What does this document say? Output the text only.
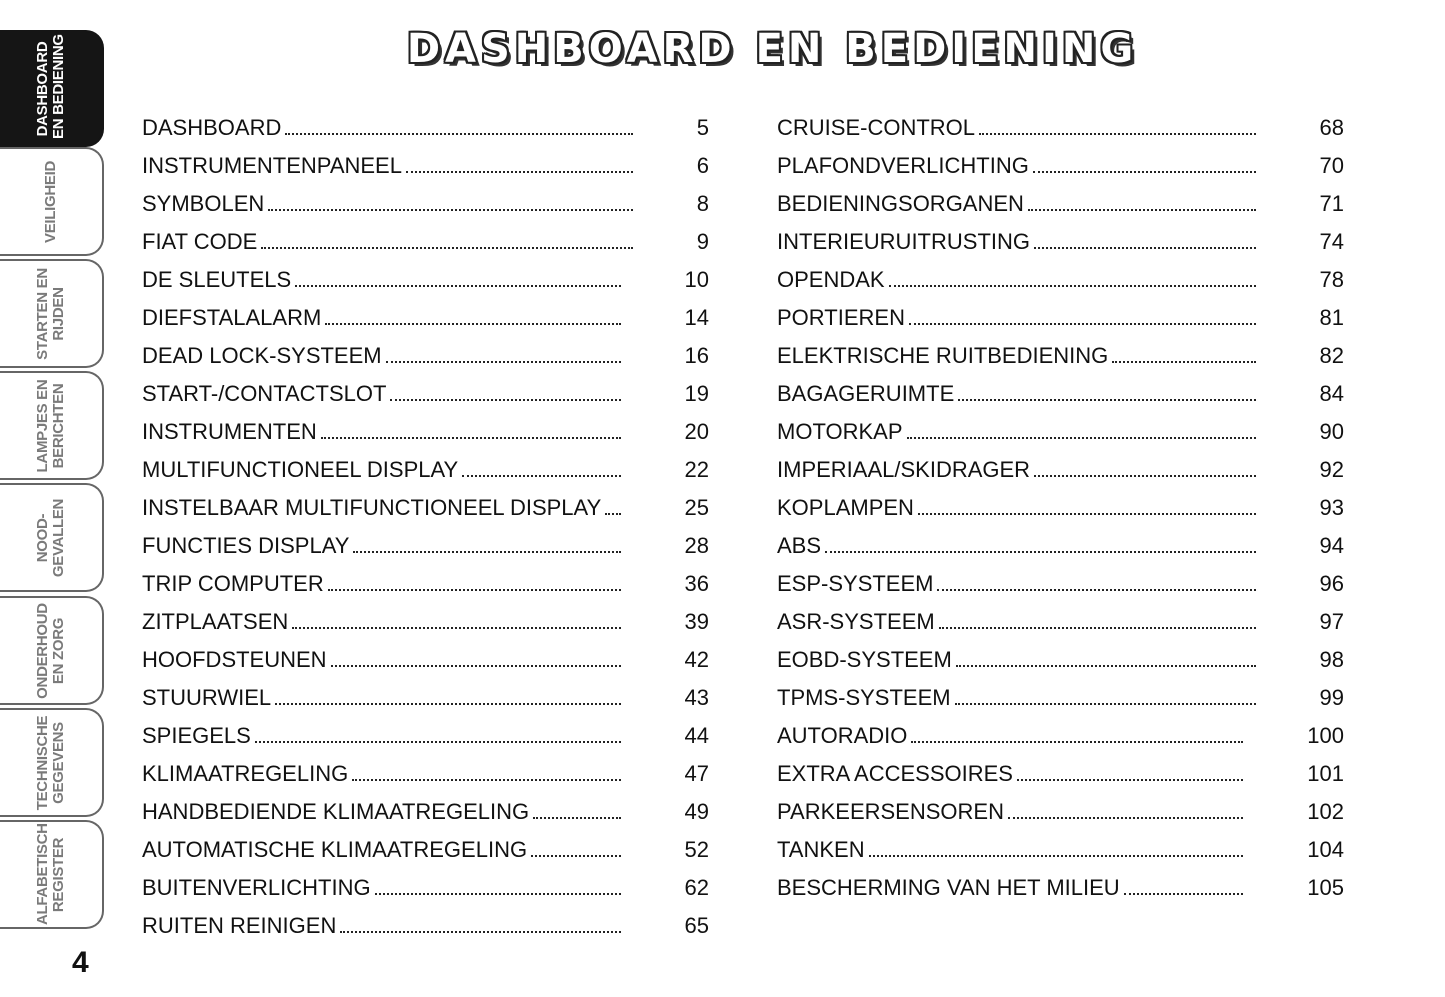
DASHBOARD EN BEDIENING
VEILIGHEID
STARTEN EN RIJDEN
LAMPJES EN BERICHTEN
NOOD- GEVALLEN
ONDERHOUD EN ZORG
TECHNISCHE GEGEVENS
ALFABETISCH REGISTER
DASHBOARD EN BEDIENING
DASHBOARD	5
INSTRUMENTENPANEEL	6
SYMBOLEN	8
FIAT CODE	9
DE SLEUTELS	10
DIEFSTALALARM	14
DEAD LOCK-SYSTEEM	16
START-/CONTACTSLOT	19
INSTRUMENTEN	20
MULTIFUNCTIONEEL DISPLAY	22
INSTELBAAR MULTIFUNCTIONEEL DISPLAY	25
FUNCTIES DISPLAY	28
TRIP COMPUTER	36
ZITPLAATSEN	39
HOOFDSTEUNEN	42
STUURWIEL	43
SPIEGELS	44
KLIMAATREGELING	47
HANDBEDIENDE KLIMAATREGELING	49
AUTOMATISCHE KLIMAATREGELING	52
BUITENVERLICHTING	62
RUITEN REINIGEN	65
CRUISE-CONTROL	68
PLAFONDVERLICHTING	70
BEDIENINGSORGANEN	71
INTERIEURUITRUSTING	74
OPENDAK	78
PORTIEREN	81
ELEKTRISCHE RUITBEDIENING	82
BAGAGERUIMTE	84
MOTORKAP	90
IMPERIAAL/SKIDRAGER	92
KOPLAMPEN	93
ABS	94
ESP-SYSTEEM	96
ASR-SYSTEEM	97
EOBD-SYSTEEM	98
TPMS-SYSTEEM	99
AUTORADIO	100
EXTRA ACCESSOIRES	101
PARKEERSENSOREN	102
TANKEN	104
BESCHERMING VAN HET MILIEU	105
4
